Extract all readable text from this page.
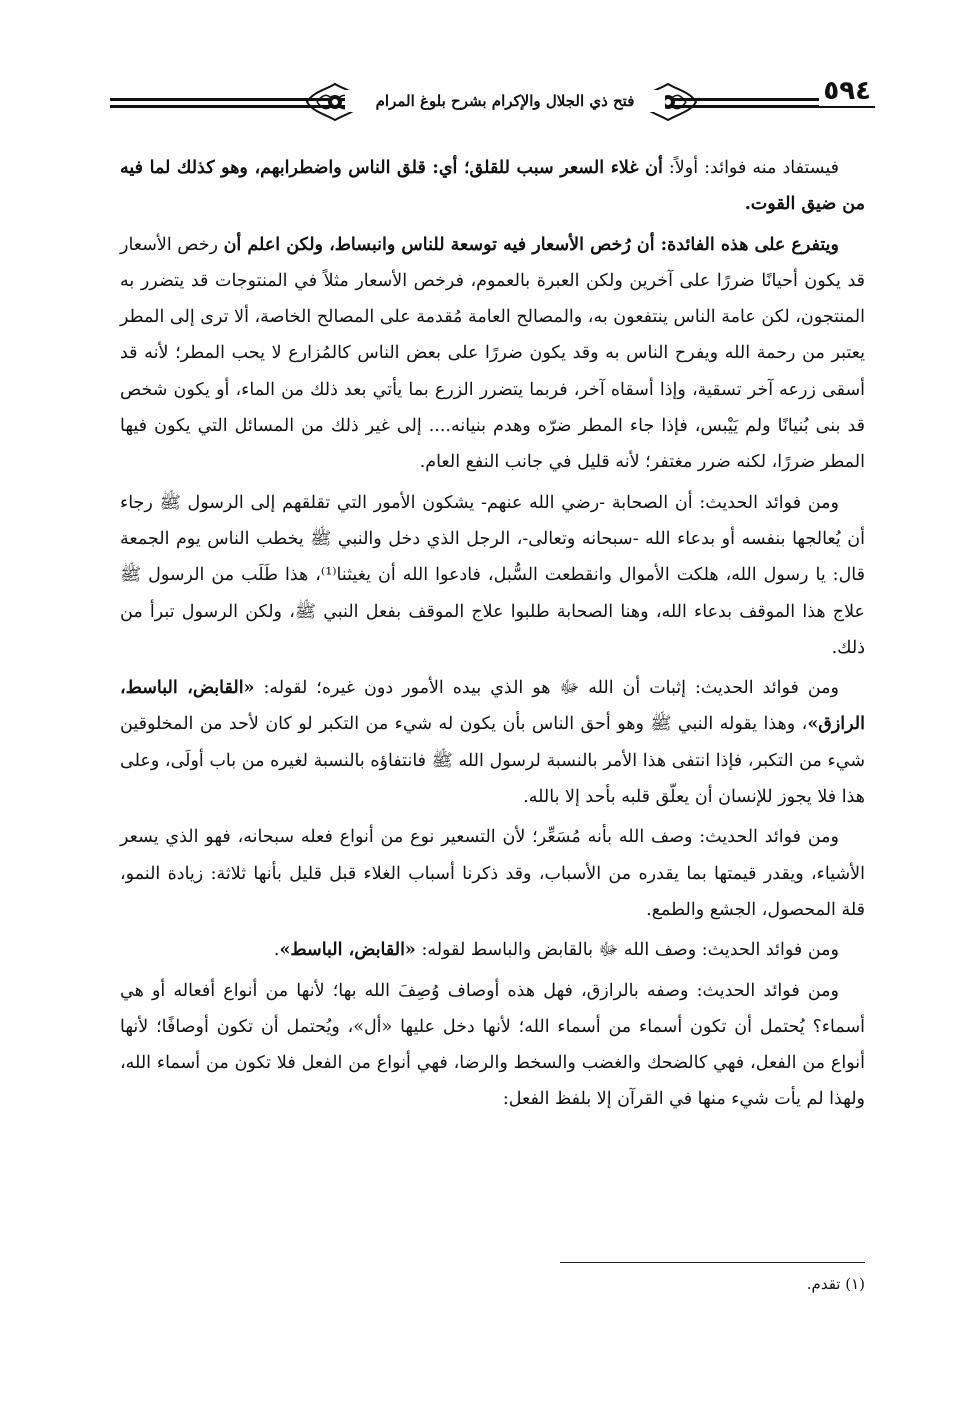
فتح ذي الجلال والإكرام بشرح بلوغ المرام	٥٩٤

فيستفاد منه فوائد: أولاً: أن غلاء السعر سبب للقلق؛ أي: قلق الناس واضطرابهم، وهو كذلك لما فيه من ضيق القوت.

ويتفرع على هذه الفائدة: أن رُخص الأسعار فيه توسعة للناس وانبساط، ولكن اعلم أن رخص الأسعار قد يكون أحيانًا ضررًا على آخرين ولكن العبرة بالعموم، فرخص الأسعار مثلاً في المنتوجات قد يتضرر به المنتجون، لكن عامة الناس ينتفعون به، والمصالح العامة مُقدمة على المصالح الخاصة، ألا ترى إلى المطر يعتبر من رحمة الله ويفرح الناس به وقد يكون ضررًا على بعض الناس كالمُزارع لا يحب المطر؛ لأنه قد أسقى زرعه آخر تسقية، وإذا أسقاه آخر، فربما يتضرر الزرع بما يأتي بعد ذلك من الماء، أو يكون شخص قد بنى بُنيانًا ولم يَيْبس، فإذا جاء المطر ضرّه وهدم بنيانه.... إلى غير ذلك من المسائل التي يكون فيها المطر ضررًا، لكنه ضرر مغتفر؛ لأنه قليل في جانب النفع العام.

ومن فوائد الحديث: أن الصحابة -رضي الله عنهم- يشكون الأمور التي تقلقهم إلى الرسول ﷺ رجاء أن يُعالجها بنفسه أو بدعاء الله -سبحانه وتعالى-، الرجل الذي دخل والنبي ﷺ يخطب الناس يوم الجمعة قال: يا رسول الله، هلكت الأموال وانقطعت السُّبل، فادعوا الله أن يغيثنا⁽¹⁾، هذا طَلَب من الرسول ﷺ علاج هذا الموقف بدعاء الله، وهنا الصحابة طلبوا علاج الموقف بفعل النبي ﷺ، ولكن الرسول تبرأ من ذلك.

ومن فوائد الحديث: إثبات أن الله ﷻ هو الذي بيده الأمور دون غيره؛ لقوله: «القابض، الباسط، الرازق»، وهذا يقوله النبي ﷺ وهو أحق الناس بأن يكون له شيء من التكبر لو كان لأحد من المخلوقين شيء من التكبر، فإذا انتفى هذا الأمر بالنسبة لرسول الله ﷺ فانتفاؤه بالنسبة لغيره من باب أولَى، وعلى هذا فلا يجوز للإنسان أن يعلّق قلبه بأحد إلا بالله.

ومن فوائد الحديث: وصف الله بأنه مُسَعِّر؛ لأن التسعير نوع من أنواع فعله سبحانه، فهو الذي يسعر الأشياء، ويقدر قيمتها بما يقدره من الأسباب، وقد ذكرنا أسباب الغلاء قبل قليل بأنها ثلاثة: زيادة النمو، قلة المحصول، الجشع والطمع.

ومن فوائد الحديث: وصف الله ﷻ بالقابض والباسط لقوله: «القابض، الباسط».

ومن فوائد الحديث: وصفه بالرازق، فهل هذه أوصاف وُصِفَ الله بها؛ لأنها من أنواع أفعاله أو هي أسماء؟ يُحتمل أن تكون أسماء من أسماء الله؛ لأنها دخل عليها «أل»، ويُحتمل أن تكون أوصافًا؛ لأنها أنواع من الفعل، فهي كالضحك والغضب والسخط والرضا، فهي أنواع من الفعل فلا تكون من أسماء الله، ولهذا لم يأت شيء منها في القرآن إلا بلفظ الفعل:

(١) تقدم.
